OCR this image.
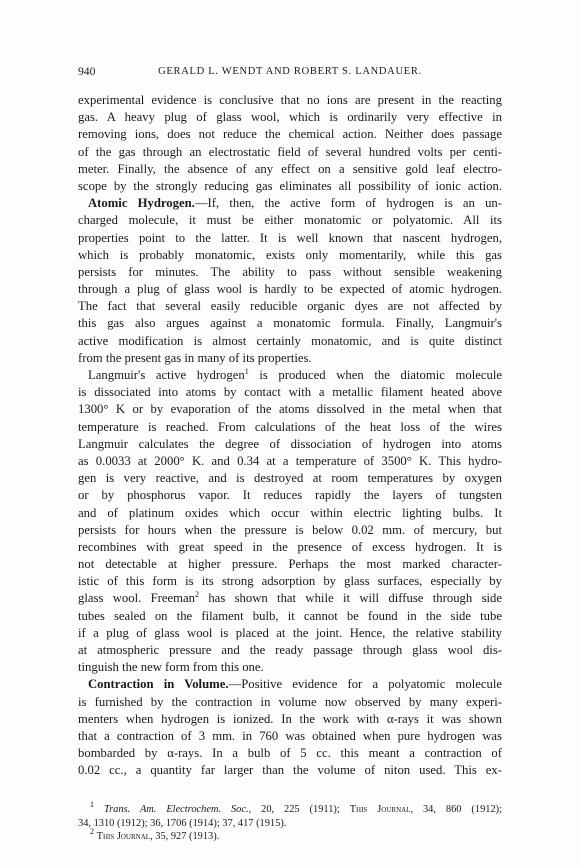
940	GERALD L. WENDT AND ROBERT S. LANDAUER.
experimental evidence is conclusive that no ions are present in the reacting
gas. A heavy plug of glass wool, which is ordinarily very effective in
removing ions, does not reduce the chemical action. Neither does passage
of the gas through an electrostatic field of several hundred volts per centi-
meter. Finally, the absence of any effect on a sensitive gold leaf electro-
scope by the strongly reducing gas eliminates all possibility of ionic action.
Atomic Hydrogen.—If, then, the active form of hydrogen is an un-
charged molecule, it must be either monatomic or polyatomic. All its
properties point to the latter. It is well known that nascent hydrogen,
which is probably monatomic, exists only momentarily, while this gas
persists for minutes. The ability to pass without sensible weakening
through a plug of glass wool is hardly to be expected of atomic hydrogen.
The fact that several easily reducible organic dyes are not affected by
this gas also argues against a monatomic formula. Finally, Langmuir's
active modification is almost certainly monatomic, and is quite distinct
from the present gas in many of its properties.
Langmuir's active hydrogen$^1$ is produced when the diatomic molecule
is dissociated into atoms by contact with a metallic filament heated above
1300° K or by evaporation of the atoms dissolved in the metal when that
temperature is reached. From calculations of the heat loss of the wires
Langmuir calculates the degree of dissociation of hydrogen into atoms
as 0.0033 at 2000° K. and 0.34 at a temperature of 3500° K. This hydro-
gen is very reactive, and is destroyed at room temperatures by oxygen
or by phosphorus vapor. It reduces rapidly the layers of tungsten
and of platinum oxides which occur within electric lighting bulbs. It
persists for hours when the pressure is below 0.02 mm. of mercury, but
recombines with great speed in the presence of excess hydrogen. It is
not detectable at higher pressure. Perhaps the most marked character-
istic of this form is its strong adsorption by glass surfaces, especially by
glass wool. Freeman$^2$ has shown that while it will diffuse through side
tubes sealed on the filament bulb, it cannot be found in the side tube
if a plug of glass wool is placed at the joint. Hence, the relative stability
at atmospheric pressure and the ready passage through glass wool dis-
tinguish the new form from this one.
Contraction in Volume.—Positive evidence for a polyatomic molecule
is furnished by the contraction in volume now observed by many experi-
menters when hydrogen is ionized. In the work with α-rays it was shown
that a contraction of 3 mm. in 760 was obtained when pure hydrogen was
bombarded by α-rays. In a bulb of 5 cc. this meant a contraction of
0.02 cc., a quantity far larger than the volume of niton used. This ex-
$^1$ Trans. Am. Electrochem. Soc., 20, 225 (1911); This Journal, 34, 860 (1912);
34, 1310 (1912); 36, 1706 (1914); 37, 417 (1915).
$^2$ This Journal, 35, 927 (1913).
